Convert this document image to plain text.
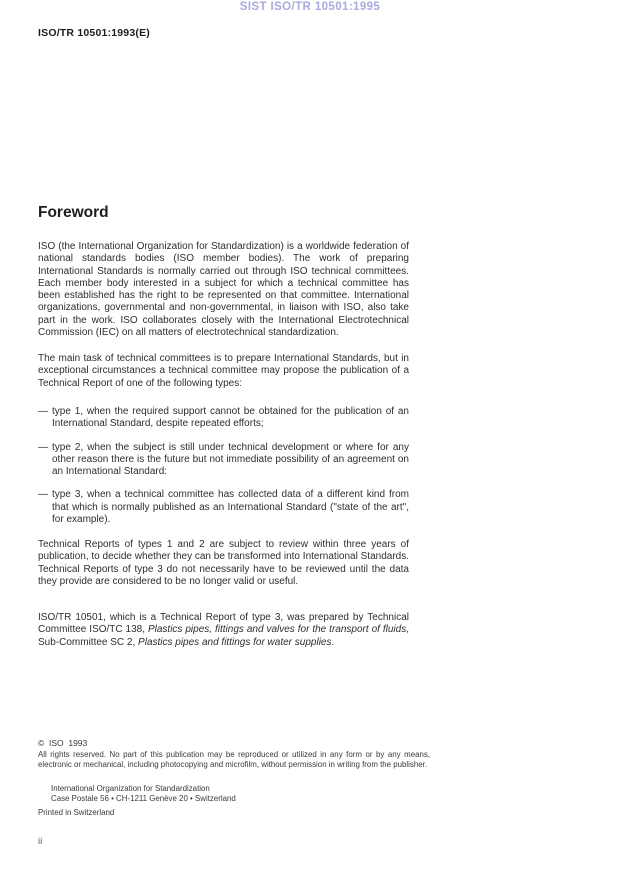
SIST ISO/TR 10501:1995
ISO/TR 10501:1993(E)
Foreword

ISO (the International Organization for Standardization) is a worldwide federation of national standards bodies (ISO member bodies). The work of preparing International Standards is normally carried out through ISO technical committees. Each member body interested in a subject for which a technical committee has been established has the right to be represented on that committee. International organizations, governmental and non-governmental, in liaison with ISO, also take part in the work. ISO collaborates closely with the International Electrotechnical Commission (IEC) on all matters of electrotechnical standardization.

The main task of technical committees is to prepare International Standards, but in exceptional circumstances a technical committee may propose the publication of a Technical Report of one of the following types:

— type 1, when the required support cannot be obtained for the publication of an International Standard, despite repeated efforts;
— type 2, when the subject is still under technical development or where for any other reason there is the future but not immediate possibility of an agreement on an International Standard:
— type 3, when a technical committee has collected data of a different kind from that which is normally published as an International Standard ("state of the art", for example).

Technical Reports of types 1 and 2 are subject to review within three years of publication, to decide whether they can be transformed into International Standards. Technical Reports of type 3 do not necessarily have to be reviewed until the data they provide are considered to be no longer valid or useful.

ISO/TR 10501, which is a Technical Report of type 3, was prepared by Technical Committee ISO/TC 138, Plastics pipes, fittings and valves for the transport of fluids, Sub-Committee SC 2, Plastics pipes and fittings for water supplies.

©  ISO  1993
All rights reserved. No part of this publication may be reproduced or utilized in any form or by any means, electronic or mechanical, including photocopying and microfilm, without permission in writing from the publisher.
International Organization for Standardization
Case Postale 56 • CH-1211 Genève 20 • Switzerland
Printed in Switzerland
ii
